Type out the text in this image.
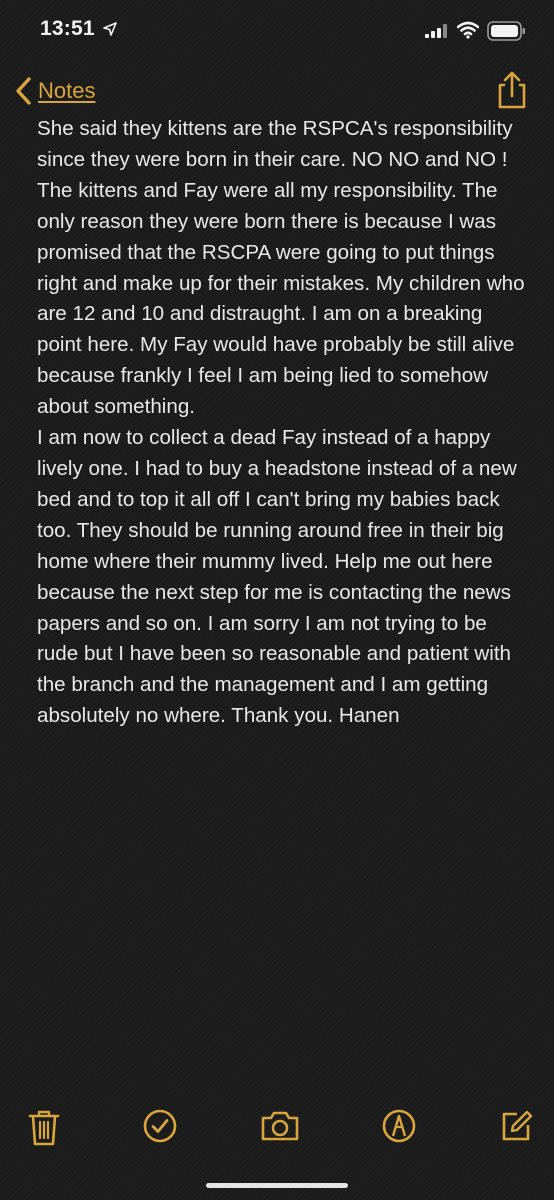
13:51
Notes
She said they kittens are the RSPCA's responsibility since they were born in their care. NO NO and NO !
The kittens and Fay were all my responsibility. The only reason they were born there is because I was promised that the RSCPA were going to put things right and make up for their mistakes. My children who are 12 and 10 and distraught. I am on a breaking point here. My Fay would have probably be still alive because frankly I feel I am being lied to somehow about something.
I am now to collect a dead Fay instead of a happy lively one. I had to buy a headstone instead of a new bed and to top it all off I can't bring my babies back too. They should be running around free in their big home where their mummy lived. Help me out here because the next step for me is contacting the news papers and so on. I am sorry I am not trying to be rude but I have been so reasonable and patient with the branch and the management and I am getting absolutely no where. Thank you. Hanen
